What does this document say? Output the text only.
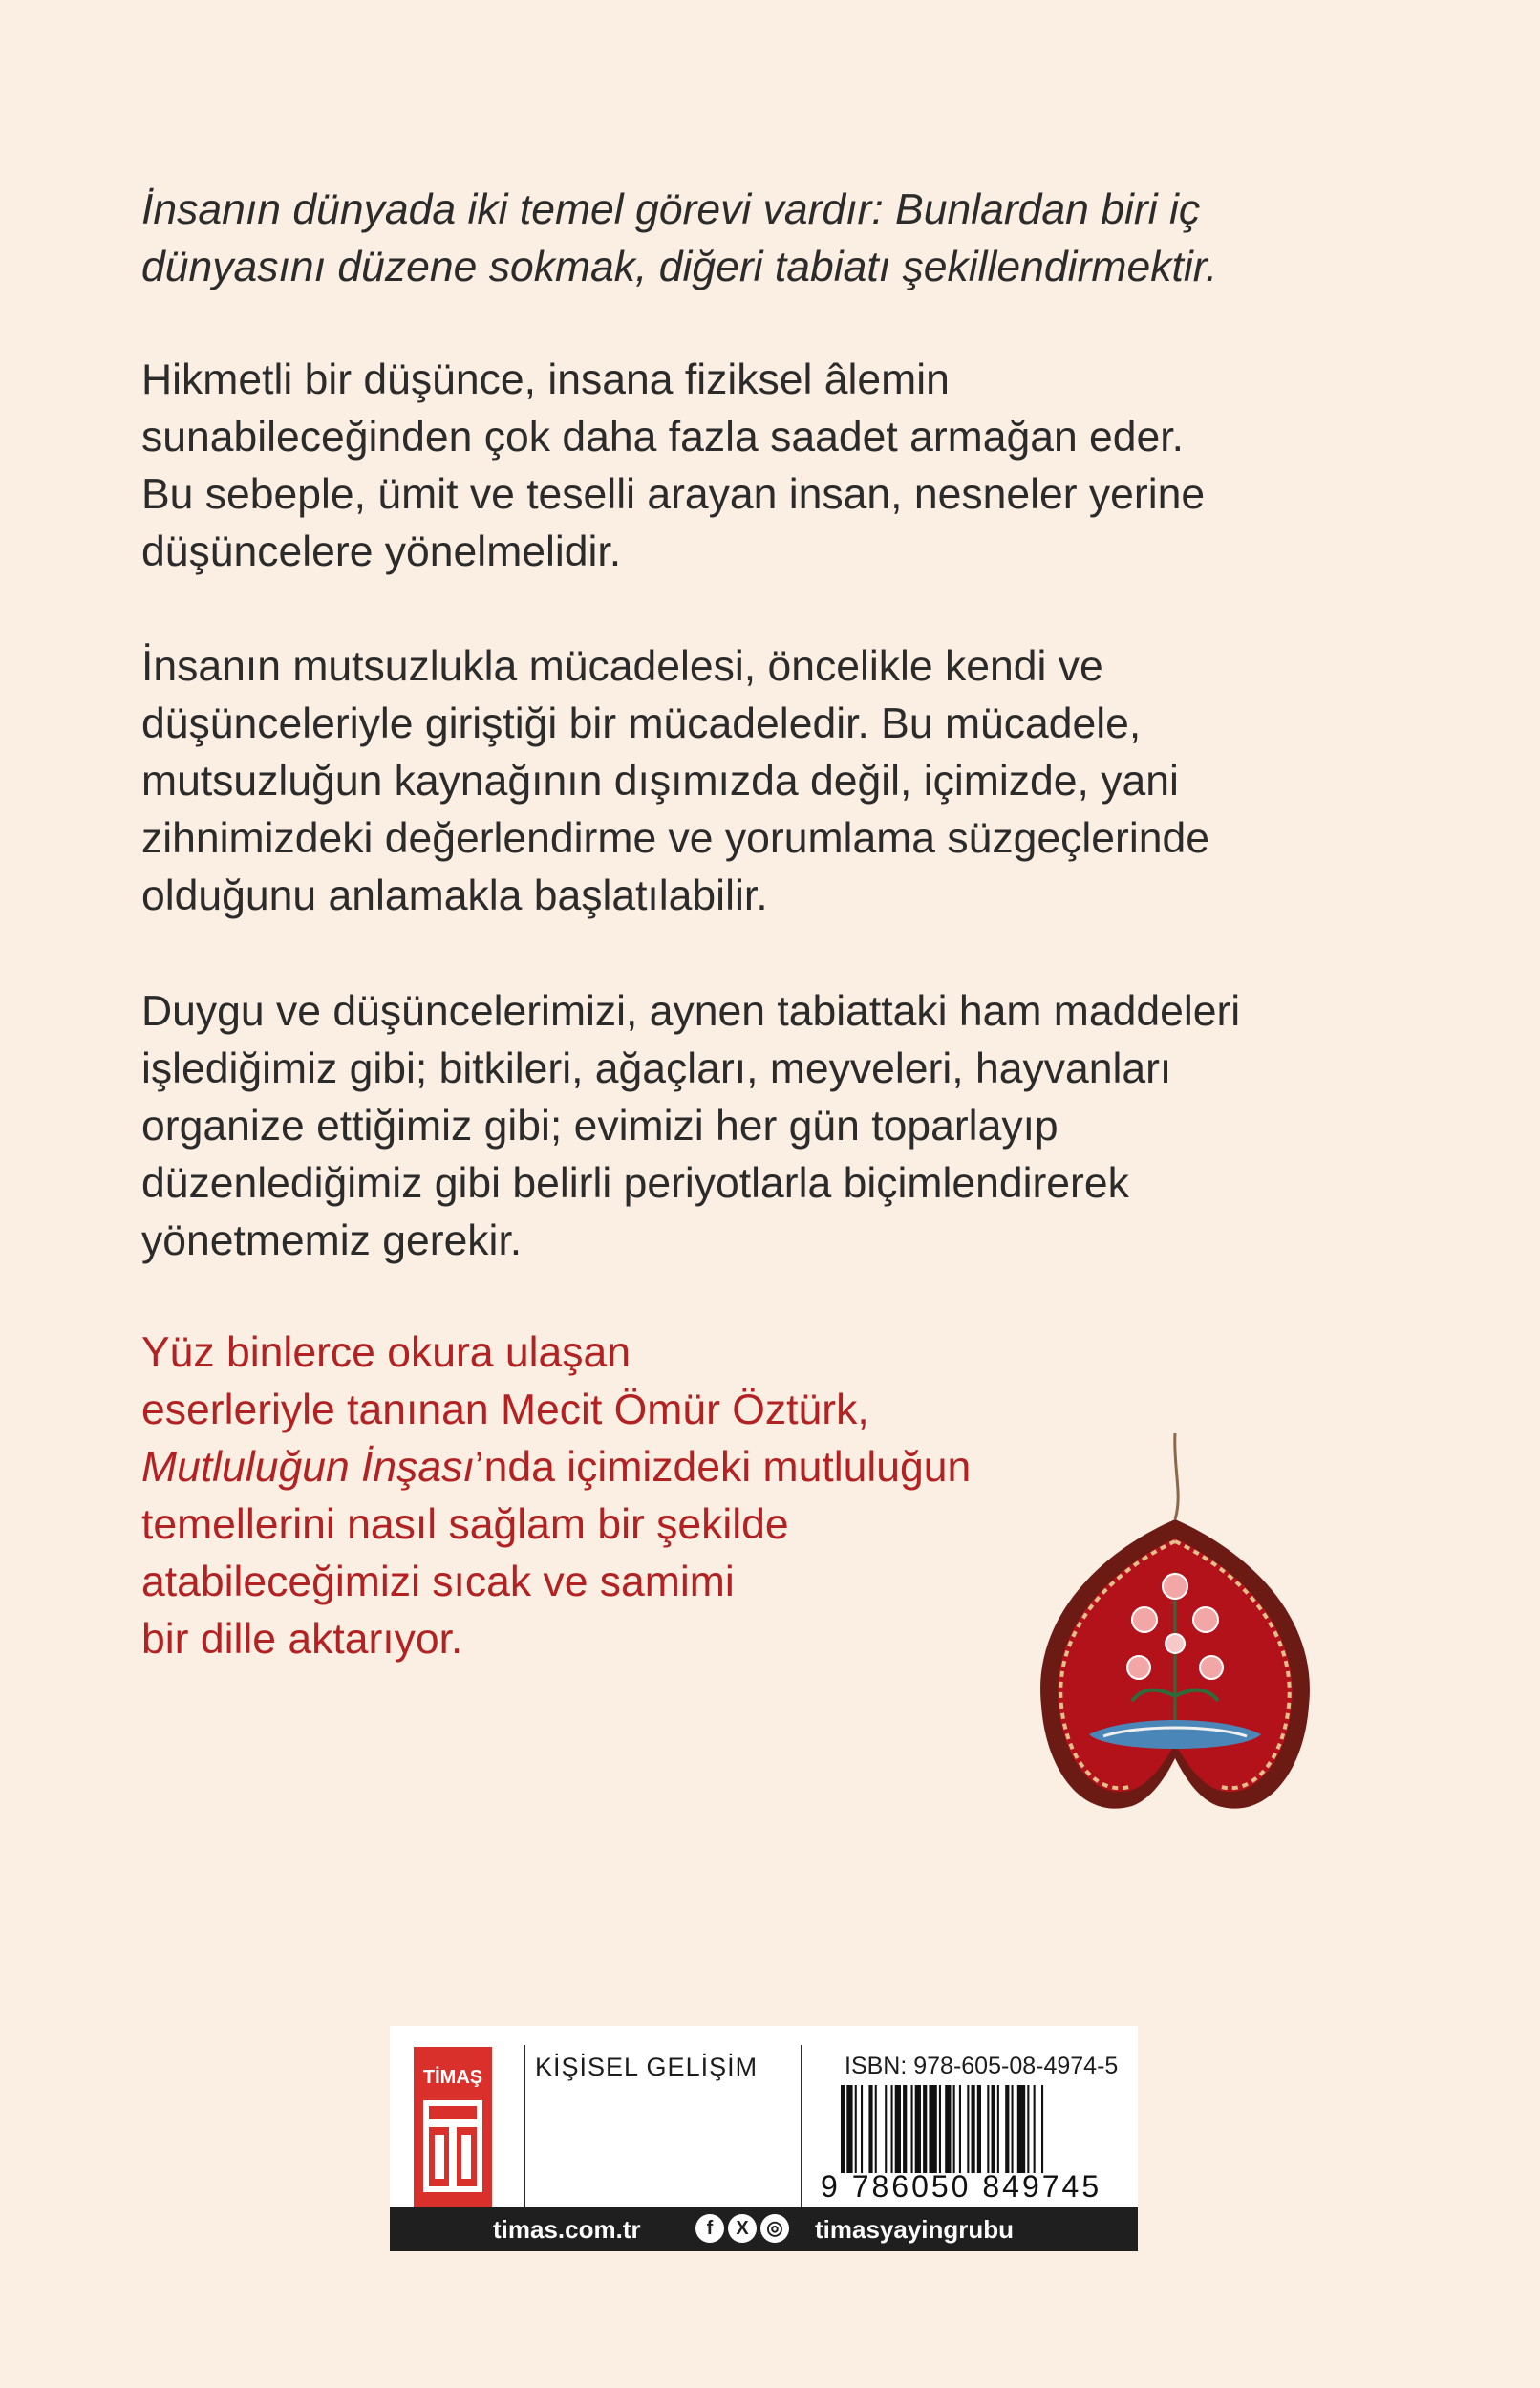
İnsanın dünyada iki temel görevi vardır: Bunlardan biri iç

dünyasını düzene sokmak, diğeri tabiatı şekillendirmektir.

Hikmetli bir düşünce, insana fiziksel âlemin

sunabileceğinden çok daha fazla saadet armağan eder.

Bu sebeple, ümit ve teselli arayan insan, nesneler yerine

düşüncelere yönelmelidir.

İnsanın mutsuzlukla mücadelesi, öncelikle kendi ve

düşünceleriyle giriştiği bir mücadeledir. Bu mücadele,

mutsuzluğun kaynağının dışımızda değil, içimizde, yani

zihnimizdeki değerlendirme ve yorumlama süzgeçlerinde

olduğunu anlamakla başlatılabilir.

Duygu ve düşüncelerimizi, aynen tabiattaki ham maddeleri

işlediğimiz gibi; bitkileri, ağaçları, meyveleri, hayvanları

organize ettiğimiz gibi; evimizi her gün toparlayıp

düzenlediğimiz gibi belirli periyotlarla biçimlendirerek

yönetmemiz gerekir.

Yüz binlerce okura ulaşan

eserleriyle tanınan Mecit Ömür Öztürk,

Mutluluğun İnşası’nda içimizdeki mutluluğun

temellerini nasıl sağlam bir şekilde

atabileceğimizi sıcak ve samimi

bir dille aktarıyor.

TİMAŞ KİŞİSEL GELİŞİM	ISBN: 978-605-08-4974-5
9 786050 849745
timas.com.tr	f X ◎	timasyayingrubu
